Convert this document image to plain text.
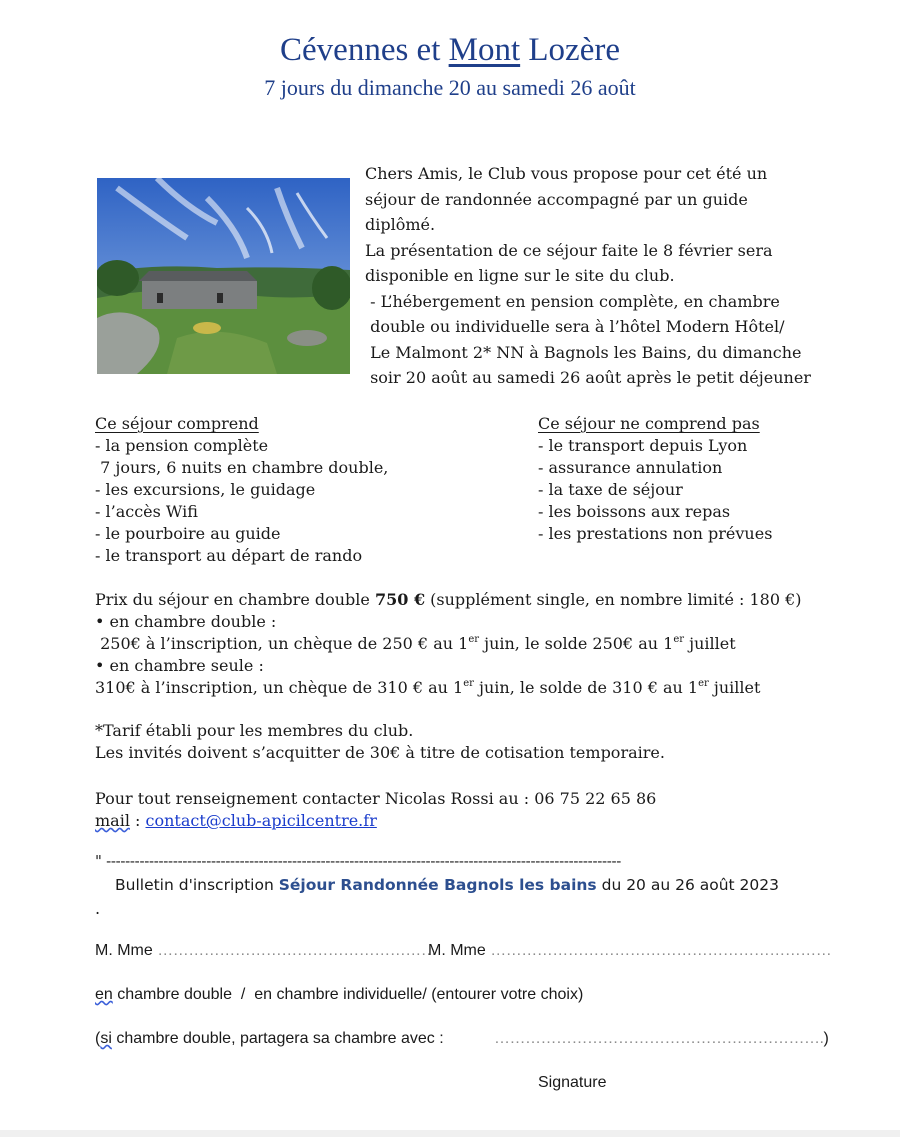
Cévennes et Mont Lozère
7 jours du dimanche 20 au samedi 26 août
Chers Amis, le Club vous propose pour cet été un
séjour de randonnée accompagné par un guide
diplômé.
La présentation de ce séjour faite le 8 février sera
disponible en ligne sur le site du club.
- L’hébergement en pension complète, en chambre
double ou individuelle sera à l’hôtel Modern Hôtel/
Le Malmont 2* NN à Bagnols les Bains, du dimanche
soir 20 août au samedi 26 août après le petit déjeuner
Ce séjour comprend
- la pension complète
7 jours, 6 nuits en chambre double,
- les excursions, le guidage
- l’accès Wifi
- le pourboire au guide
- le transport au départ de rando
Ce séjour ne comprend pas
- le transport depuis Lyon
- assurance annulation
- la taxe de séjour
- les boissons aux repas
- les prestations non prévues
Prix du séjour en chambre double 750 € (supplément single, en nombre limité : 180 €)
• en chambre double :
250€ à l’inscription, un chèque de 250 € au 1er juin, le solde 250€ au 1er juillet
• en chambre seule :
310€ à l’inscription, un chèque de 310 € au 1er juin, le solde de 310 € au 1er juillet
*Tarif établi pour les membres du club.
Les invités doivent s’acquitter de 30€ à titre de cotisation temporaire.
Pour tout renseignement contacter Nicolas Rossi au : 06 75 22 65 86
mail : contact@club-apicilcentre.fr
" ------------------------------------------------------------------------------------------------------------
Bulletin d'inscription Séjour Randonnée Bagnols les bains du 20 au 26 août 2023
.
M. Mme ………………………………………………
M. Mme …………………………………………………………
en chambre double  /  en chambre individuelle/ (entourer votre choix)
(si chambre double, partagera sa chambre avec :	……………………………………………………….)
Signature
